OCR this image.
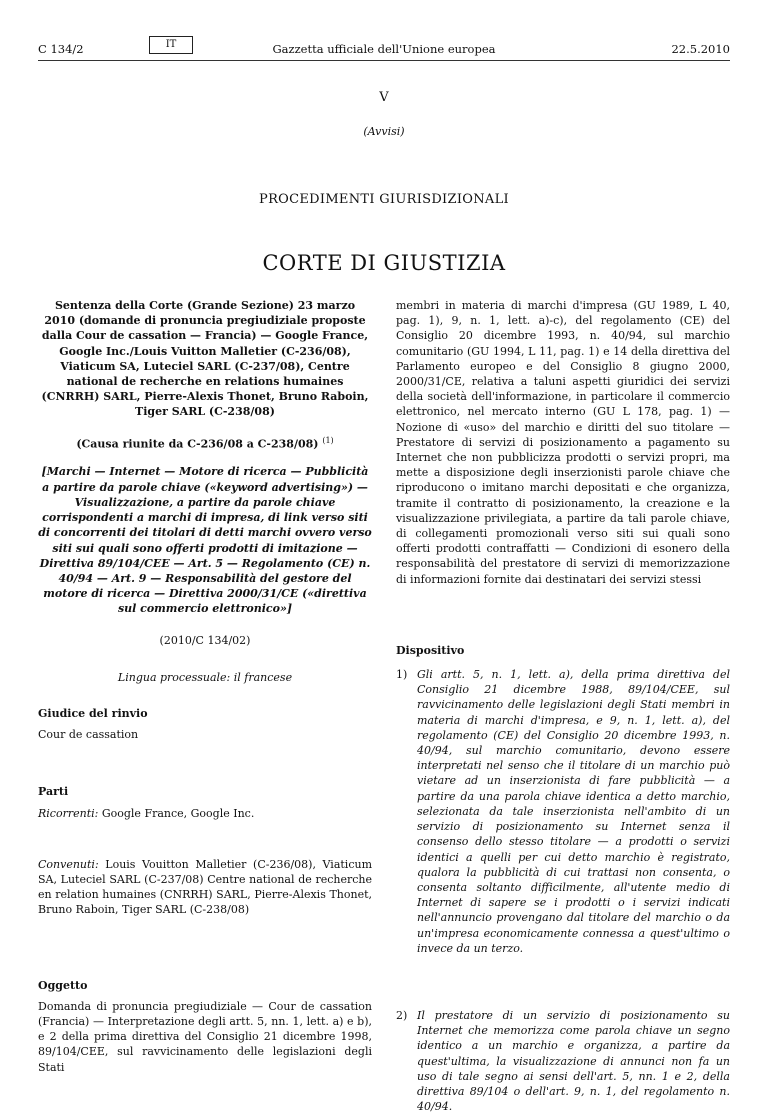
C 134/2	IT	Gazzetta ufficiale dell'Unione europea	22.5.2010
V
(Avvisi)
PROCEDIMENTI GIURISDIZIONALI
CORTE DI GIUSTIZIA

Sentenza della Corte (Grande Sezione) 23 marzo 2010 (domande di pronuncia pregiudiziale proposte dalla Cour de cassation — Francia) — Google France, Google Inc./Louis Vuitton Malletier (C-236/08), Viaticum SA, Luteciel SARL (C-237/08), Centre national de recherche en relations humaines (CNRRH) SARL, Pierre-Alexis Thonet, Bruno Raboin, Tiger SARL (C-238/08)

(Causa riunite da C-236/08 a C-238/08) $^{(1)}$

[Marchi — Internet — Motore di ricerca — Pubblicità a partire da parole chiave («keyword advertising») — Visualizzazione, a partire da parole chiave corrispondenti a marchi di impresa, di link verso siti di concorrenti dei titolari di detti marchi ovvero verso siti sui quali sono offerti prodotti di imitazione — Direttiva 89/104/CEE — Art. 5 — Regolamento (CE) n. 40/94 — Art. 9 — Responsabilità del gestore del motore di ricerca — Direttiva 2000/31/CE («direttiva sul commercio elettronico»]

(2010/C 134/02)

Lingua processuale: il francese

Giudice del rinvio

Cour de cassation

Parti

Ricorrenti: Google France, Google Inc.

Convenuti: Louis Vouitton Malletier (C-236/08), Viaticum SA, Luteciel SARL (C-237/08) Centre national de recherche en relation humaines (CNRRH) SARL, Pierre-Alexis Thonet, Bruno Raboin, Tiger SARL (C-238/08)

Oggetto

Domanda di pronuncia pregiudiziale — Cour de cassation (Francia) — Interpretazione degli artt. 5, nn. 1, lett. a) e b), e 2 della prima direttiva del Consiglio 21 dicembre 1998, 89/104/CEE, sul ravvicinamento delle legislazioni degli Stati

membri in materia di marchi d'impresa (GU 1989, L 40, pag. 1), 9, n. 1, lett. a)-c), del regolamento (CE) del Consiglio 20 dicembre 1993, n. 40/94, sul marchio comunitario (GU 1994, L 11, pag. 1) e 14 della direttiva del Parlamento europeo e del Consiglio 8 giugno 2000, 2000/31/CE, relativa a taluni aspetti giuridici dei servizi della società dell'informazione, in particolare il commercio elettronico, nel mercato interno (GU L 178, pag. 1) — Nozione di «uso» del marchio e diritti del suo titolare — Prestatore di servizi di posizionamento a pagamento su Internet che non pubblicizza prodotti o servizi propri, ma mette a disposizione degli inserzionisti parole chiave che riproducono o imitano marchi depositati e che organizza, tramite il contratto di posizionamento, la creazione e la visualizzazione privilegiata, a partire da tali parole chiave, di collegamenti promozionali verso siti sui quali sono offerti prodotti contraffatti — Condizioni di esonero della responsabilità del prestatore di servizi di memorizzazione di informazioni fornite dai destinatari dei servizi stessi

Dispositivo

1) Gli artt. 5, n. 1, lett. a), della prima direttiva del Consiglio 21 dicembre 1988, 89/104/CEE, sul ravvicinamento delle legislazioni degli Stati membri in materia di marchi d'impresa, e 9, n. 1, lett. a), del regolamento (CE) del Consiglio 20 dicembre 1993, n. 40/94, sul marchio comunitario, devono essere interpretati nel senso che il titolare di un marchio può vietare ad un inserzionista di fare pubblicità — a partire da una parola chiave identica a detto marchio, selezionata da tale inserzionista nell'ambito di un servizio di posizionamento su Internet senza il consenso dello stesso titolare — a prodotti o servizi identici a quelli per cui detto marchio è registrato, qualora la pubblicità di cui trattasi non consenta, o consenta soltanto difficilmente, all'utente medio di Internet di sapere se i prodotti o i servizi indicati nell'annuncio provengano dal titolare del marchio o da un'impresa economicamente connessa a quest'ultimo o invece da un terzo.
2) Il prestatore di un servizio di posizionamento su Internet che memorizza come parola chiave un segno identico a un marchio e organizza, a partire da quest'ultima, la visualizzazione di annunci non fa un uso di tale segno ai sensi dell'art. 5, nn. 1 e 2, della direttiva 89/104 o dell'art. 9, n. 1, del regolamento n. 40/94.
